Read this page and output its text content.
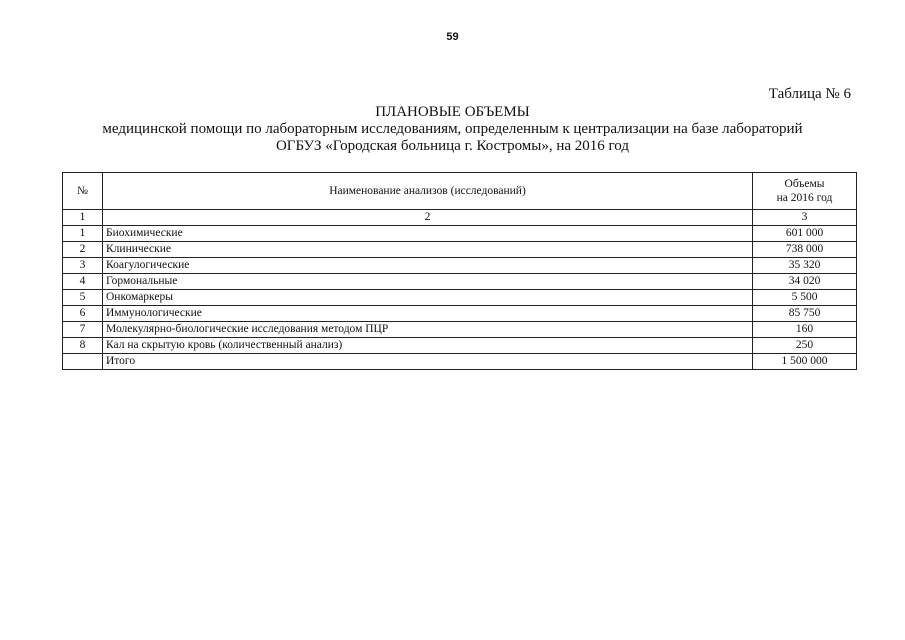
59
Таблица № 6
ПЛАНОВЫЕ ОБЪЕМЫ
медицинской помощи по лабораторным исследованиям, определенным к централизации на базе лабораторий
ОГБУЗ «Городская больница г. Костромы», на 2016 год
№	Наименование анализов (исследований)	Объемы
на 2016 год

1	2	3
1	Биохимические	601 000
2	Клинические	738 000
3	Коагулогические	35 320
4	Гормональные	34 020
5	Онкомаркеры	5 500
6	Иммунологические	85 750
7	Молекулярно-биологические исследования методом ПЦР	160
8	Кал на скрытую кровь (количественный анализ)	250
	Итого	1 500 000
